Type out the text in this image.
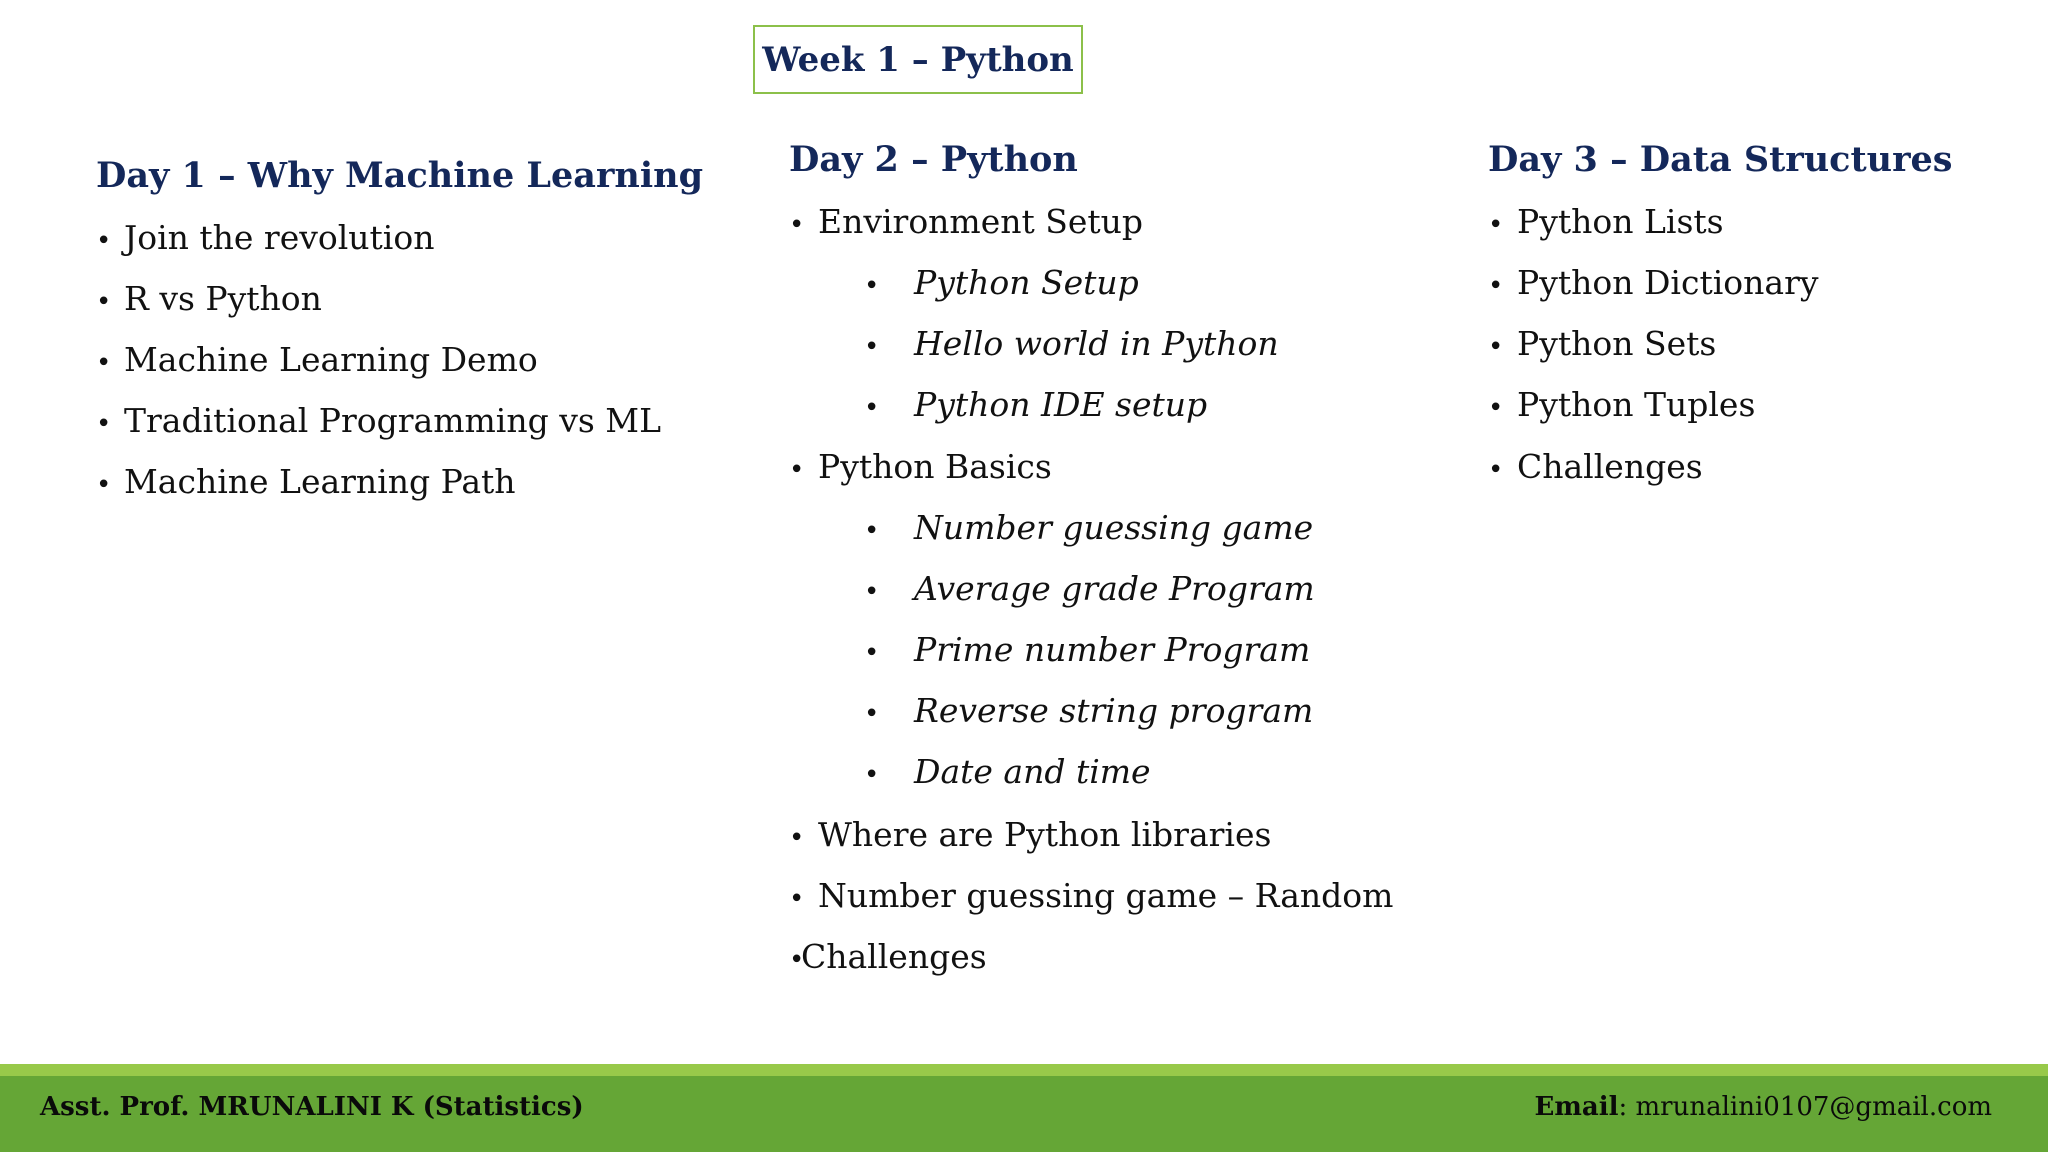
Week 1 – Python
Day 1 – Why Machine Learning
• Join the revolution
• R vs Python
• Machine Learning Demo
• Traditional Programming vs ML
• Machine Learning Path
Day 2 – Python
• Environment Setup
•	Python Setup
•	Hello world in Python
•	Python IDE setup
• Python Basics
•	Number guessing game
•	Average grade Program
•	Prime number Program
•	Reverse string program
•	Date and time
• Where are Python libraries
• Number guessing game – Random
•
Challenges
Day 3 – Data Structures
• Python Lists
• Python Dictionary
• Python Sets
• Python Tuples
• Challenges
Asst. Prof. MRUNALINI K (Statistics)	Email: mrunalini0107@gmail.com
